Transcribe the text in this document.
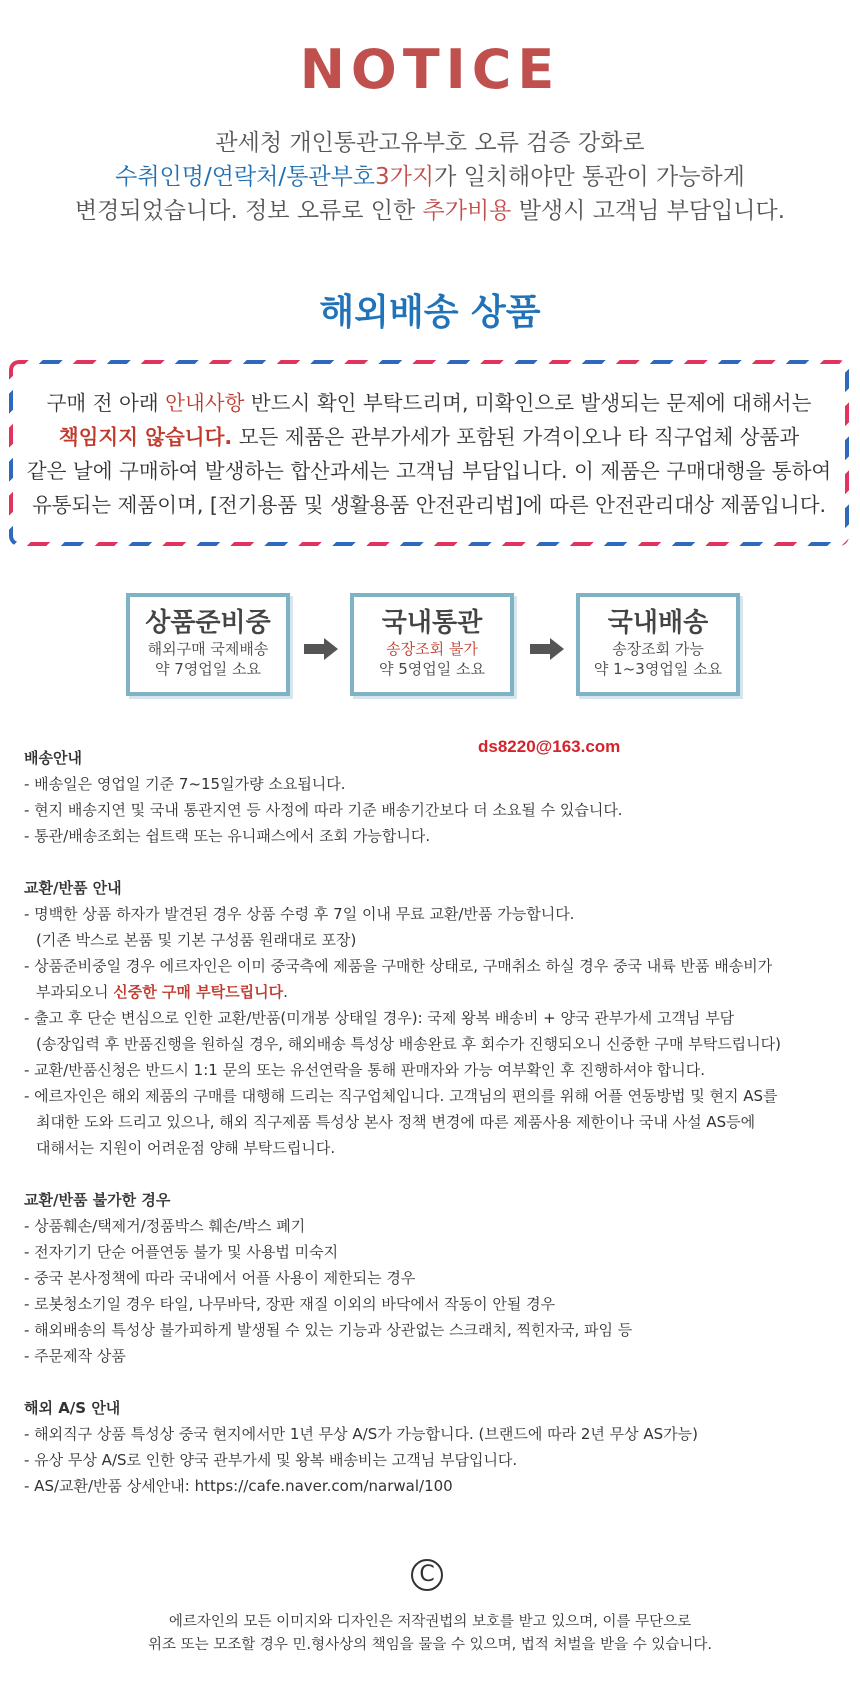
NOTICE
관세청 개인통관고유부호 오류 검증 강화로
수취인명/연락처/통관부호3가지가 일치해야만 통관이 가능하게
변경되었습니다. 정보 오류로 인한 추가비용 발생시 고객님 부담입니다.
해외배송 상품

구매 전 아래 안내사항 반드시 확인 부탁드리며, 미확인으로 발생되는 문제에 대해서는

책임지지 않습니다. 모든 제품은 관부가세가 포함된 가격이오나 타 직구업체 상품과

같은 날에 구매하여 발생하는 합산과세는 고객님 부담입니다. 이 제품은 구매대행을 통하여

유통되는 제품이며, [전기용품 및 생활용품 안전관리법]에 따른 안전관리대상 제품입니다.

상품준비중
해외구매 국제배송
약 7영업일 소요
국내통관
송장조회 불가
약 5영업일 소요
국내배송
송장조회 가능
약 1~3영업일 소요
ds8220@163.com
배송안내
- 배송일은 영업일 기준 7~15일가량 소요됩니다.
- 현지 배송지연 및 국내 통관지연 등 사정에 따라 기준 배송기간보다 더 소요될 수 있습니다.
- 통관/배송조회는 쉽트랙 또는 유니패스에서 조회 가능합니다.
교환/반품 안내
- 명백한 상품 하자가 발견된 경우 상품 수령 후 7일 이내 무료 교환/반품 가능합니다.
(기존 박스로 본품 및 기본 구성품 원래대로 포장)
- 상품준비중일 경우 에르자인은 이미 중국측에 제품을 구매한 상태로, 구매취소 하실 경우 중국 내륙 반품 배송비가
부과되오니 신중한 구매 부탁드립니다.
- 출고 후 단순 변심으로 인한 교환/반품(미개봉 상태일 경우): 국제 왕복 배송비 + 양국 관부가세 고객님 부담
(송장입력 후 반품진행을 원하실 경우, 해외배송 특성상 배송완료 후 회수가 진행되오니 신중한 구매 부탁드립니다)
- 교환/반품신청은 반드시 1:1 문의 또는 유선연락을 통해 판매자와 가능 여부확인 후 진행하셔야 합니다.
- 에르자인은 해외 제품의 구매를 대행해 드리는 직구업체입니다. 고객님의 편의를 위해 어플 연동방법 및 현지 AS를
최대한 도와 드리고 있으나, 해외 직구제품 특성상 본사 정책 변경에 따른 제품사용 제한이나 국내 사설 AS등에
대해서는 지원이 어려운점 양해 부탁드립니다.
교환/반품 불가한 경우
- 상품훼손/택제거/정품박스 훼손/박스 폐기
- 전자기기 단순 어플연동 불가 및 사용법 미숙지
- 중국 본사정책에 따라 국내에서 어플 사용이 제한되는 경우
- 로봇청소기일 경우 타일, 나무바닥, 장판 재질 이외의 바닥에서 작동이 안될 경우
- 해외배송의 특성상 불가피하게 발생될 수 있는 기능과 상관없는 스크래치, 찍힌자국, 파임 등
- 주문제작 상품
해외 A/S 안내
- 해외직구 상품 특성상 중국 현지에서만 1년 무상 A/S가 가능합니다. (브랜드에 따라 2년 무상 AS가능)
- 유상 무상 A/S로 인한 양국 관부가세 및 왕복 배송비는 고객님 부담입니다.
- AS/교환/반품 상세안내: https://cafe.naver.com/narwal/100
C
에르자인의 모든 이미지와 디자인은 저작권법의 보호를 받고 있으며, 이를 무단으로
위조 또는 모조할 경우 민.형사상의 책임을 물을 수 있으며, 법적 처벌을 받을 수 있습니다.
